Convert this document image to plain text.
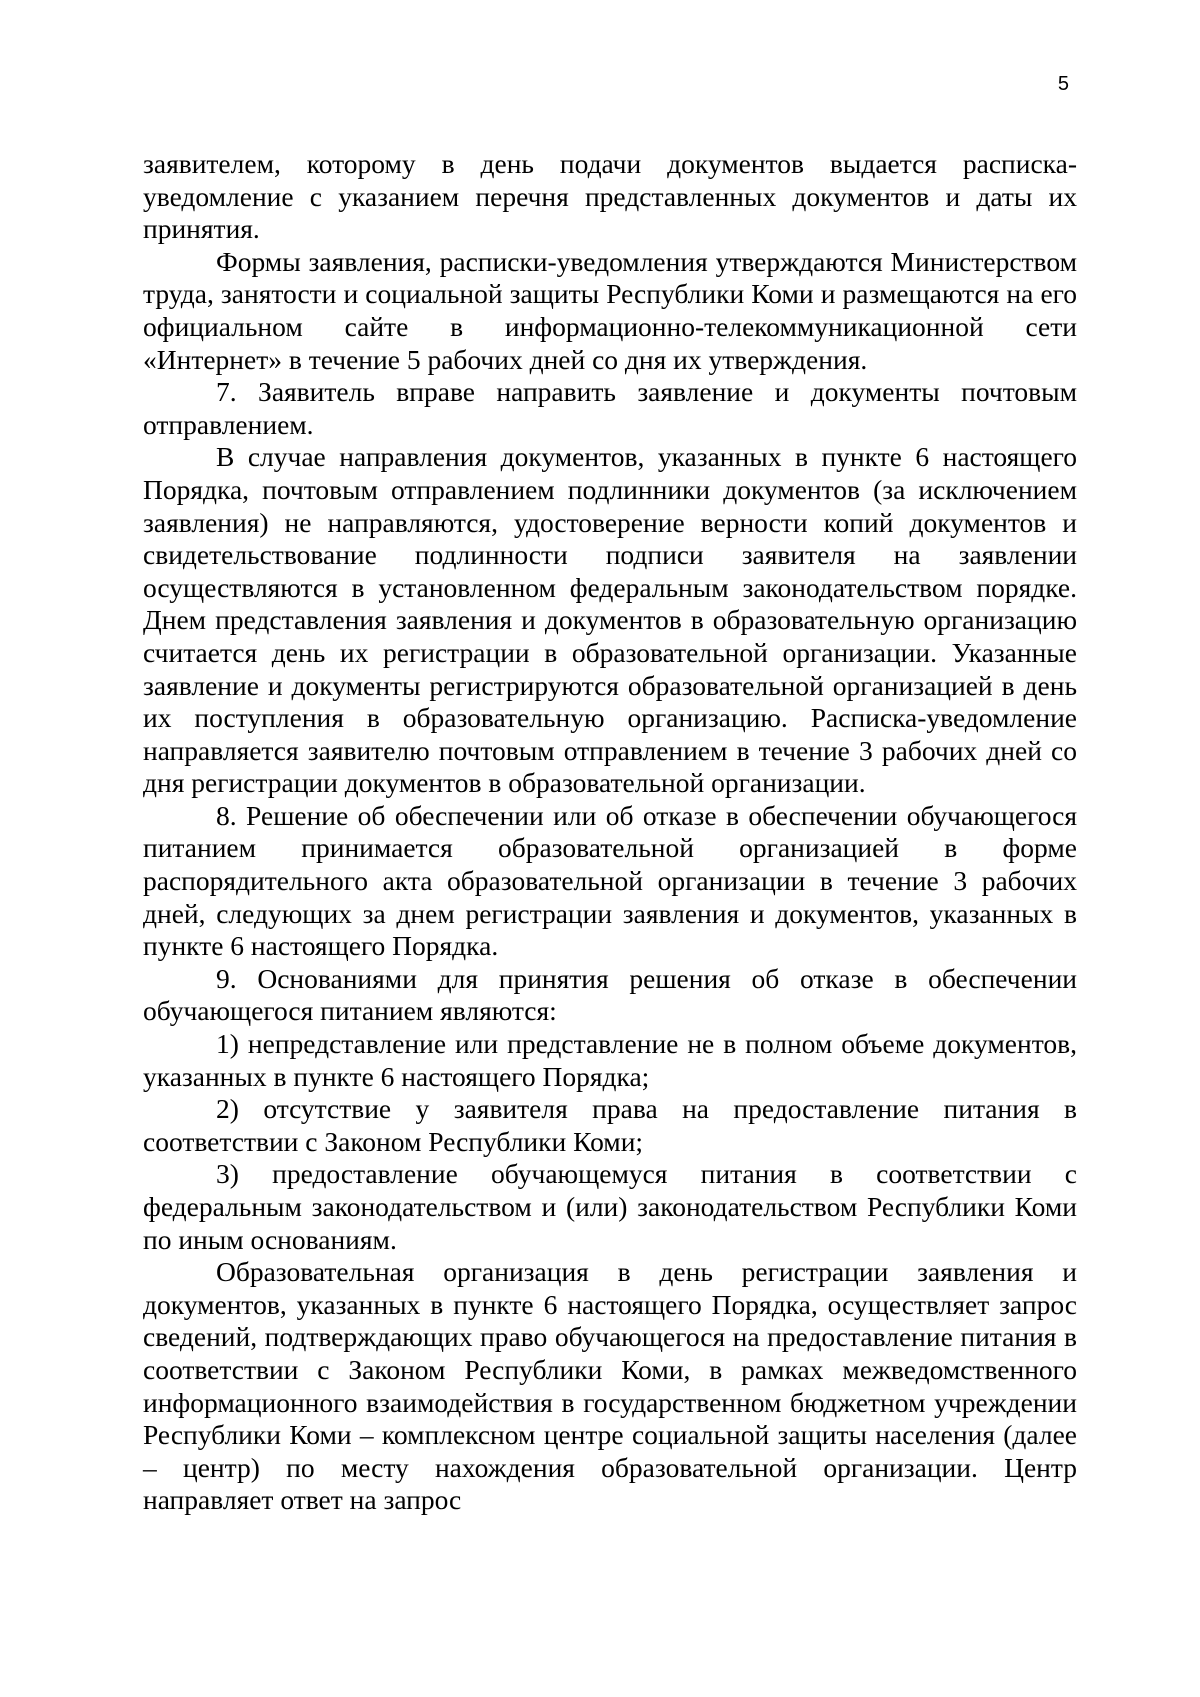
5

заявителем, которому в день подачи документов выдается расписка-уведомление с указанием перечня представленных документов и даты их принятия.

Формы заявления, расписки-уведомления утверждаются Министерством труда, занятости и социальной защиты Республики Коми и размещаются на его официальном сайте в информационно-телекоммуникационной сети «Интернет» в течение 5 рабочих дней со дня их утверждения.

7. Заявитель вправе направить заявление и документы почтовым отправлением.

В случае направления документов, указанных в пункте 6 настоящего Порядка, почтовым отправлением подлинники документов (за исключением заявления) не направляются, удостоверение верности копий документов и свидетельствование подлинности подписи заявителя на заявлении осуществляются в установленном федеральным законодательством порядке. Днем представления заявления и документов в образовательную организацию считается день их регистрации в образовательной организации. Указанные заявление и документы регистрируются образовательной организацией в день их поступления в образовательную организацию. Расписка-уведомление направляется заявителю почтовым отправлением в течение 3 рабочих дней со дня регистрации документов в образовательной организации.

8. Решение об обеспечении или об отказе в обеспечении обучающегося питанием принимается образовательной организацией в форме распорядительного акта образовательной организации в течение 3 рабочих дней, следующих за днем регистрации заявления и документов, указанных в пункте 6 настоящего Порядка.

9. Основаниями для принятия решения об отказе в обеспечении обучающегося питанием являются:

1) непредставление или представление не в полном объеме документов, указанных в пункте 6 настоящего Порядка;

2) отсутствие у заявителя права на предоставление питания в соответствии с Законом Республики Коми;

3) предоставление обучающемуся питания в соответствии с федеральным законодательством и (или) законодательством Республики Коми по иным основаниям.

Образовательная организация в день регистрации заявления и документов, указанных в пункте 6 настоящего Порядка, осуществляет запрос сведений, подтверждающих право обучающегося на предоставление питания в соответствии с Законом Республики Коми, в рамках межведомственного информационного взаимодействия в государственном бюджетном учреждении Республики Коми – комплексном центре социальной защиты населения (далее – центр) по месту нахождения образовательной организации. Центр направляет ответ на запрос
